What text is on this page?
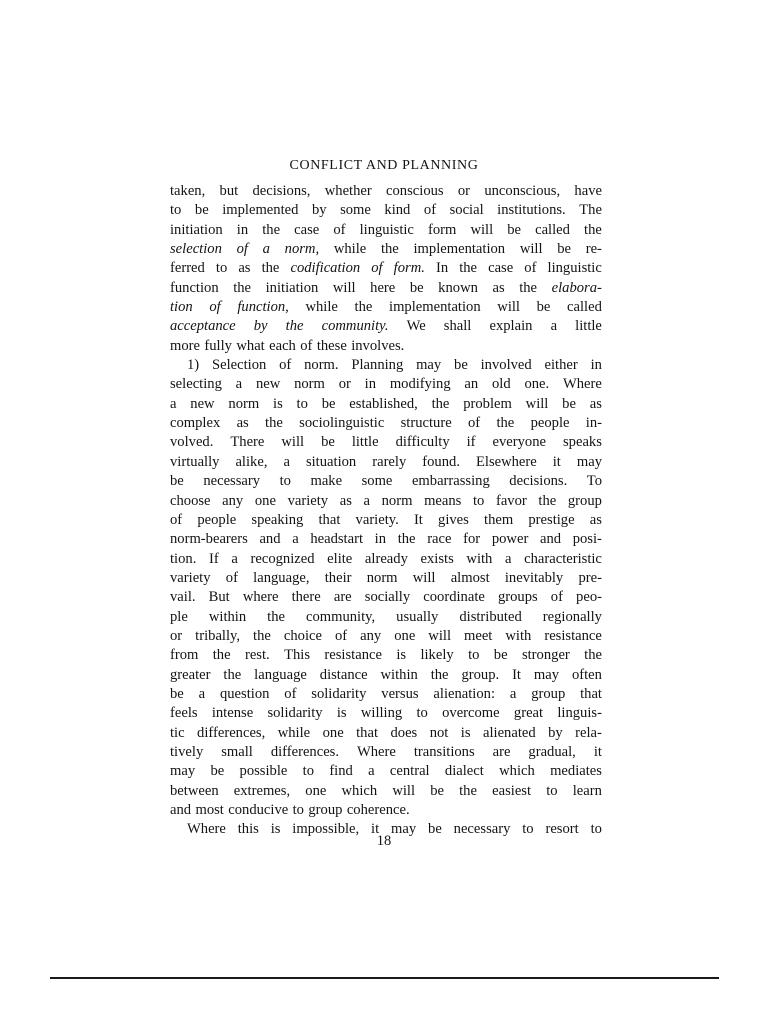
CONFLICT AND PLANNING
taken, but decisions, whether conscious or unconscious, have
to be implemented by some kind of social institutions. The
initiation in the case of linguistic form will be called the
selection of a norm, while the implementation will be re-
ferred to as the codification of form. In the case of linguistic
function the initiation will here be known as the elabora-
tion of function, while the implementation will be called
acceptance by the community. We shall explain a little
more fully what each of these involves.
1) Selection of norm. Planning may be involved either in
selecting a new norm or in modifying an old one. Where
a new norm is to be established, the problem will be as
complex as the sociolinguistic structure of the people in-
volved. There will be little difficulty if everyone speaks
virtually alike, a situation rarely found. Elsewhere it may
be necessary to make some embarrassing decisions. To
choose any one variety as a norm means to favor the group
of people speaking that variety. It gives them prestige as
norm-bearers and a headstart in the race for power and posi-
tion. If a recognized elite already exists with a characteristic
variety of language, their norm will almost inevitably pre-
vail. But where there are socially coordinate groups of peo-
ple within the community, usually distributed regionally
or tribally, the choice of any one will meet with resistance
from the rest. This resistance is likely to be stronger the
greater the language distance within the group. It may often
be a question of solidarity versus alienation: a group that
feels intense solidarity is willing to overcome great linguis-
tic differences, while one that does not is alienated by rela-
tively small differences. Where transitions are gradual, it
may be possible to find a central dialect which mediates
between extremes, one which will be the easiest to learn
and most conducive to group coherence.
Where this is impossible, it may be necessary to resort to
18
